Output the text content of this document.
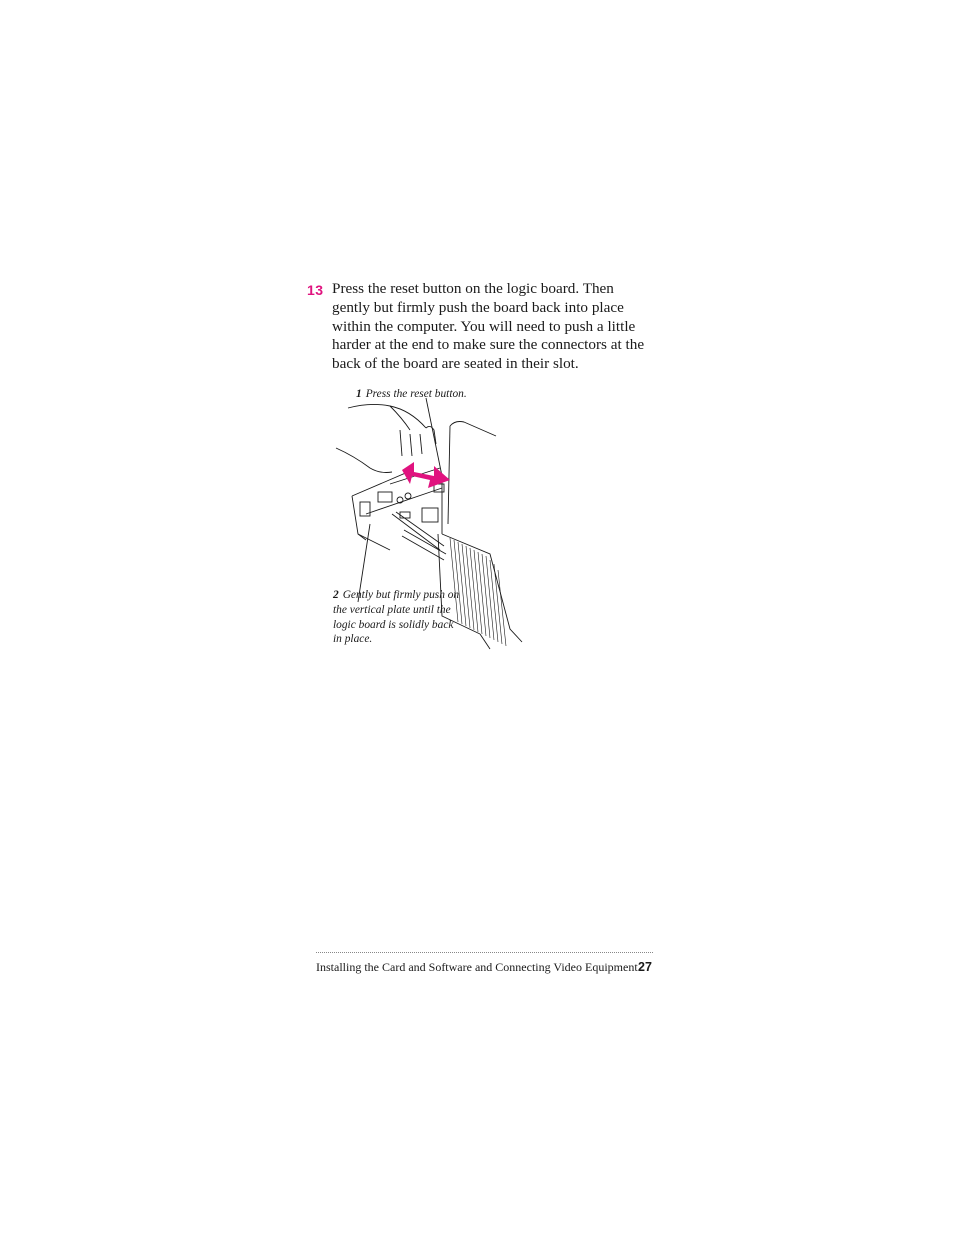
13 Press the reset button on the logic board. Then gently but firmly push the board back into place within the computer. You will need to push a little harder at the end to make sure the connectors at the back of the board are seated in their slot.
1 Press the reset button.
2 Gently but firmly push on the vertical plate until the logic board is solidly back in place.
Installing the Card and Software and Connecting Video Equipment 27
